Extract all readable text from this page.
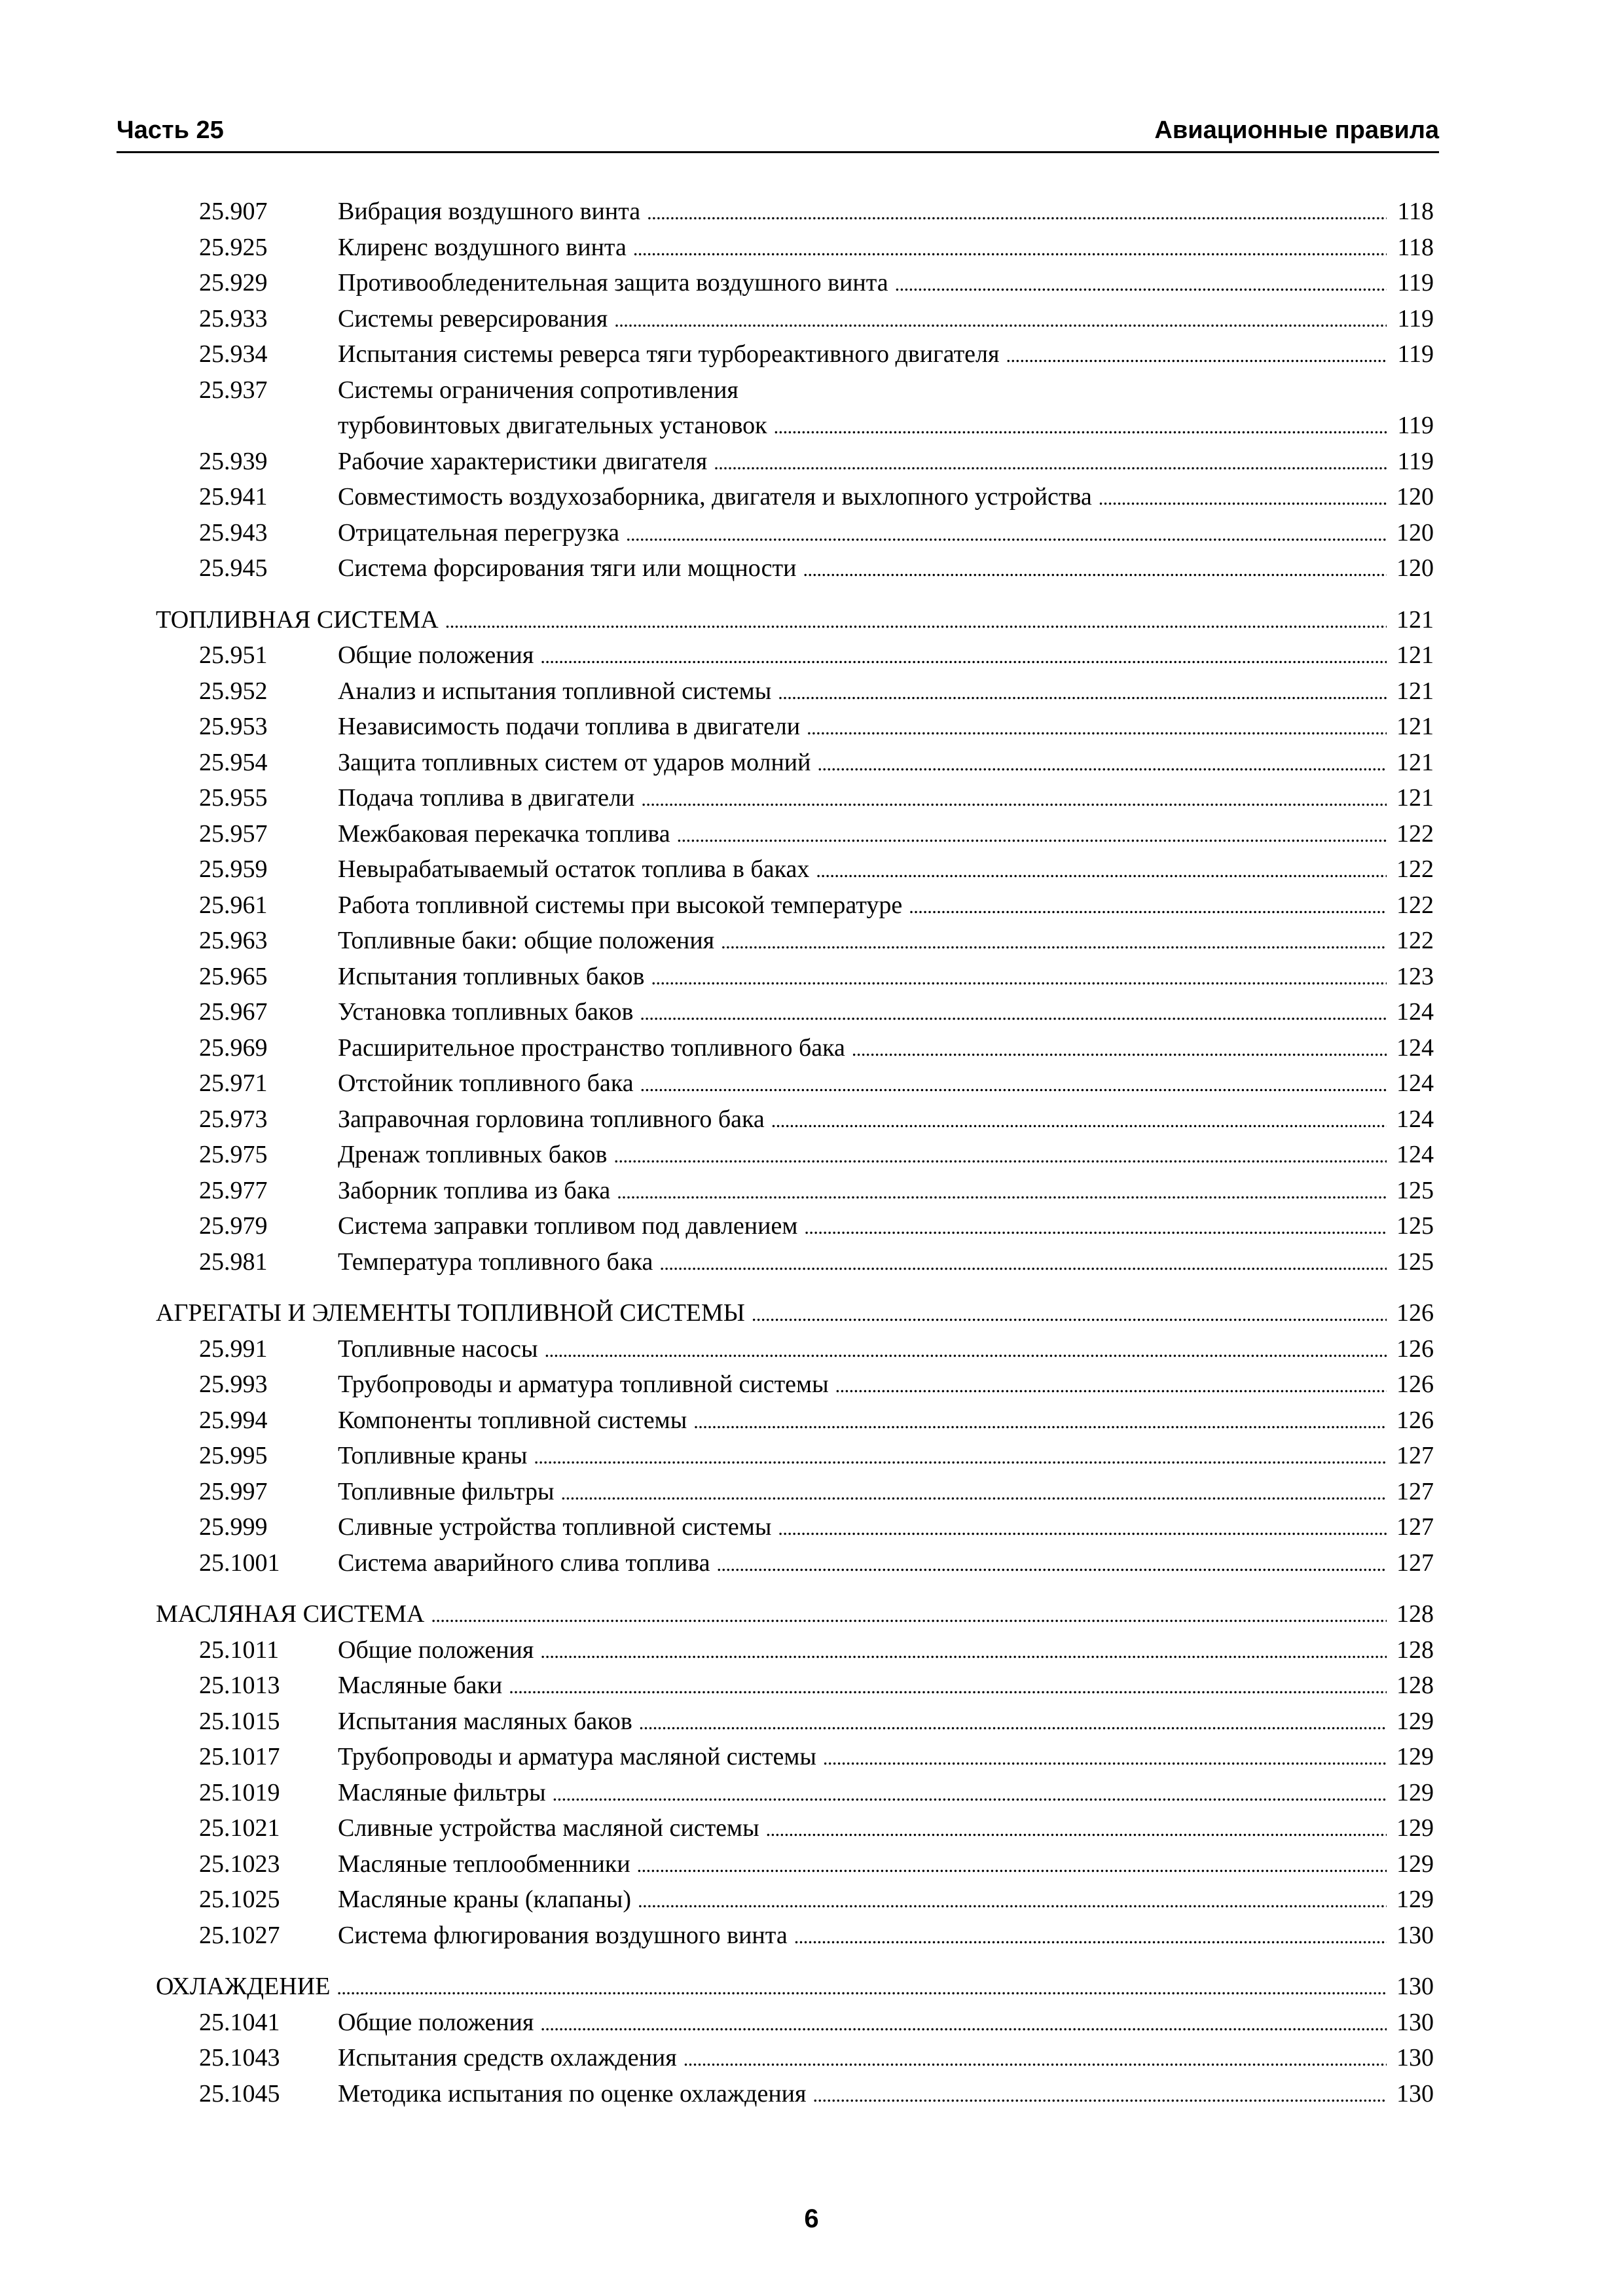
Часть 25	Авиационные правила
25.907	Вибрация воздушного винта . . .	118
25.925	Клиренс воздушного винта . . .	118
25.929	Противообледенительная защита воздушного винта . . .	119
25.933	Системы реверсирования . . .	119
25.934	Испытания системы реверса тяги турбореактивного двигателя . . .	119
25.937	Системы ограничения сопротивления
турбовинтовых двигательных установок . . .	119
25.939	Рабочие характеристики двигателя . . .	119
25.941	Совместимость воздухозаборника, двигателя и выхлопного устройства . . .	120
25.943	Отрицательная перегрузка . . .	120
25.945	Система форсирования тяги или мощности . . .	120
ТОПЛИВНАЯ СИСТЕМА . . .	121
25.951	Общие положения . . .	121
25.952	Анализ и испытания топливной системы . . .	121
25.953	Независимость подачи топлива в двигатели . . .	121
25.954	Защита топливных систем от ударов молний . . .	121
25.955	Подача топлива в двигатели . . .	121
25.957	Межбаковая перекачка топлива . . .	122
25.959	Невырабатываемый остаток топлива в баках . . .	122
25.961	Работа топливной системы при высокой температуре . . .	122
25.963	Топливные баки: общие положения . . .	122
25.965	Испытания топливных баков . . .	123
25.967	Установка топливных баков . . .	124
25.969	Расширительное пространство топливного бака . . .	124
25.971	Отстойник топливного бака . . .	124
25.973	Заправочная горловина топливного бака . . .	124
25.975	Дренаж топливных баков . . .	124
25.977	Заборник топлива из бака . . .	125
25.979	Система заправки топливом под давлением . . .	125
25.981	Температура топливного бака . . .	125
АГРЕГАТЫ И ЭЛЕМЕНТЫ ТОПЛИВНОЙ СИСТЕМЫ . . .	126
25.991	Топливные насосы . . .	126
25.993	Трубопроводы и арматура топливной системы . . .	126
25.994	Компоненты топливной системы . . .	126
25.995	Топливные краны . . .	127
25.997	Топливные фильтры . . .	127
25.999	Сливные устройства топливной системы . . .	127
25.1001	Система аварийного слива топлива . . .	127
МАСЛЯНАЯ СИСТЕМА . . .	128
25.1011	Общие положения . . .	128
25.1013	Масляные баки . . .	128
25.1015	Испытания масляных баков . . .	129
25.1017	Трубопроводы и арматура масляной системы . . .	129
25.1019	Масляные фильтры . . .	129
25.1021	Сливные устройства масляной системы . . .	129
25.1023	Масляные теплообменники . . .	129
25.1025	Масляные краны (клапаны) . . .	129
25.1027	Система флюгирования воздушного винта . . .	130
ОХЛАЖДЕНИЕ . . .	130
25.1041	Общие положения . . .	130
25.1043	Испытания средств охлаждения . . .	130
25.1045	Методика испытания по оценке охлаждения . . .	130
6
